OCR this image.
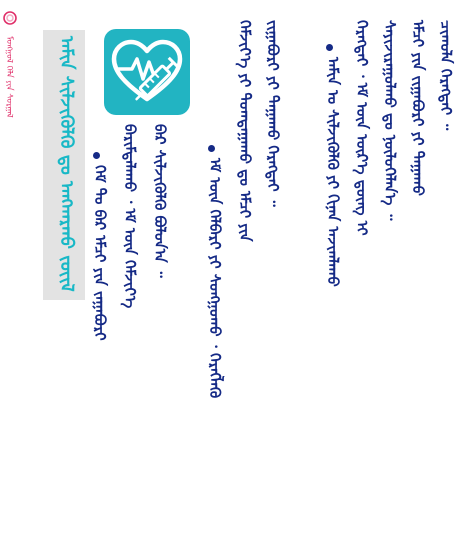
ᠮᠣᠩᠭᠣᠯ ᠬᠡᠯᠡ ᠶᠢᠨ ᠰᠤᠷᠭᠠᠯ ᠠᠮᠢᠨ ᠰᠢᠯᠵᠢᠭᠦᠯᠬᠦ ᠳᠤ ᠠᠩᠬᠠᠷᠬᠤ ᠵᠦᠢᠯ ᠭᠡᠮ ᠲᠤ ᠪᠠᠷ ᠡᠮᠴᠢ ᠶᠢᠨ ᠵᠠᠭᠠᠪᠤᠷᠢ ᠪᠠᠷᠢᠮᠳᠠᠯᠠᠬᠤ ᠂ ᠡᠮ ᠦᠨ ᠬᠡᠮᠵᠢᠶ᠎ᠡ ᠪᠠᠷ ᠰᠢᠯᠵᠢᠭᠦᠯᠬᠦ ᠪᠣᠯᠤᠨ᠎ᠠ ᠃	ᠡᠮ ᠦᠨ ᠬᠡᠯᠪᠡᠷᠢ ᠶᠢ ᠰᠣᠩᠭᠣᠬᠤ ᠂ ᠬᠡᠷᠡᠭᠯᠡᠬᠦ

ᠬᠡᠮᠵᠢᠶ᠎ᠡ ᠶᠢ ᠲᠣᠭᠲᠠᠭᠠᠬᠤ ᠳᠤ ᠡᠮᠴᠢ ᠶᠢᠨ ᠵᠢᠭᠠᠪᠤᠷᠢ ᠶᠢ ᠳᠠᠭᠠᠬᠤ ᠬᠡᠷᠡᠭᠲᠡᠢ ᠃	ᠠᠮᠢᠨ ᠤ ᠰᠢᠯᠵᠢᠭᠦᠯᠬᠦ ᠶᠢ ᠬᠢᠨᠠᠨ ᠠᠵᠢᠭᠯᠠᠬᠤ ᠬᠡᠷᠡᠭᠲᠡᠢ ᠂ ᠡᠮ ᠦᠨ ᠦᠷ᠎ᠡ ᠳ᠋ᠦᠩ ᠢ ᠰᠠᠶᠢᠵᠢᠷᠠᠭᠤᠯᠬᠤ ᠳᠤ ᠨᠥᠯᠦᠭᠡᠯᠡᠨ᠎ᠡ ᠃ ᠡᠮᠴᠢ ᠶᠢᠨ ᠵᠢᠭᠠᠪᠤᠷᠢ ᠶᠢ ᠳᠠᠭᠠᠬᠤ ᠴᠢᠬᠤᠯᠠ ᠬᠡᠷᠡᠭᠲᠡᠢ ᠃
